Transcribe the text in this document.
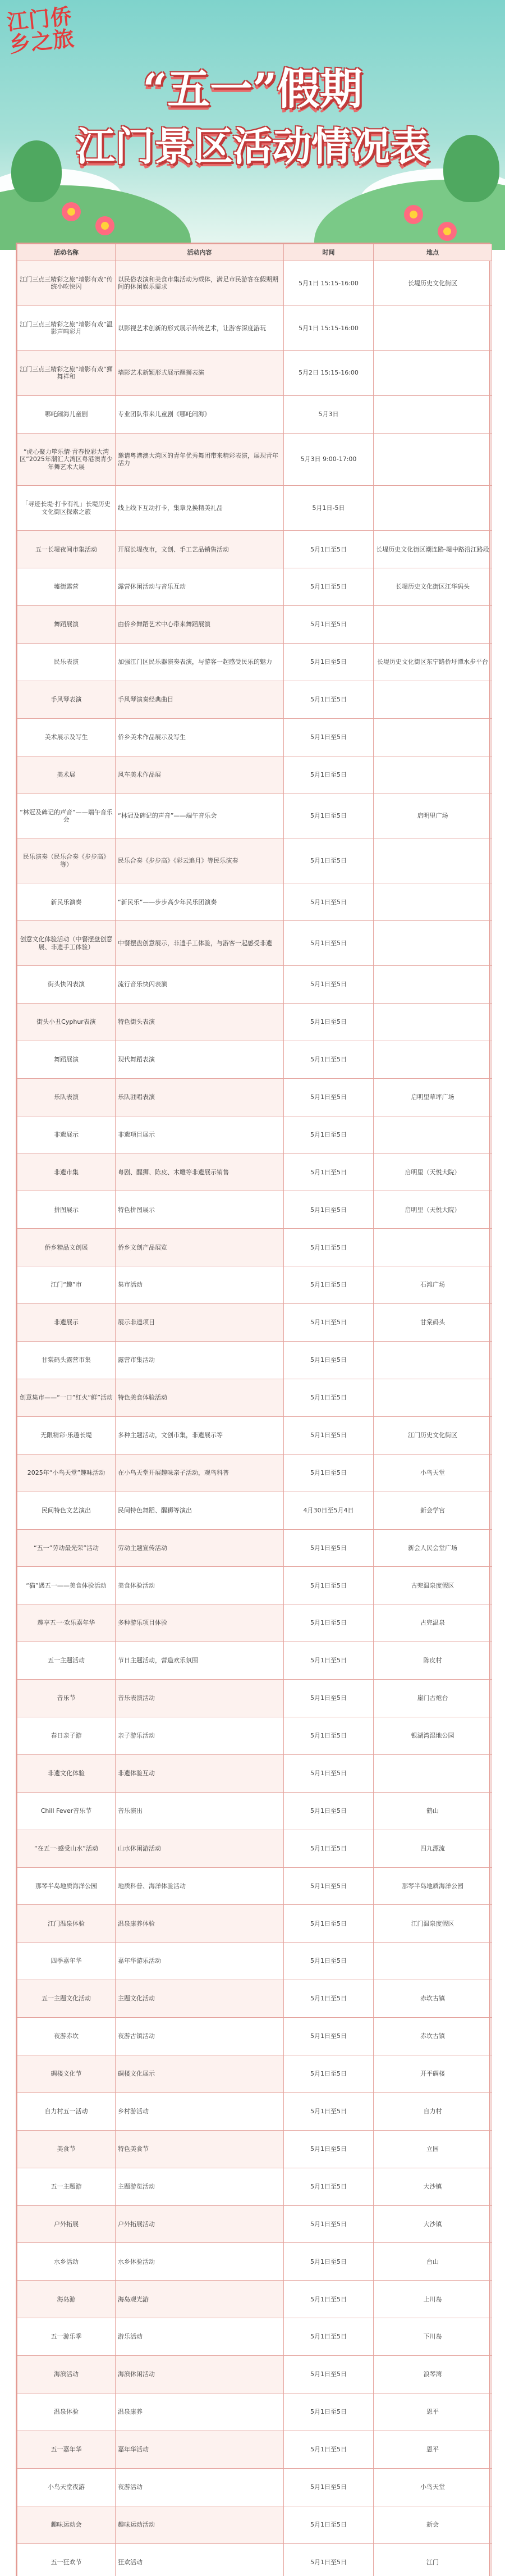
江门侨乡之旅
“五一”假期
江门景区活动情况表
活动名称	活动内容	时间	地点
江门三点三精彩之旅“墙影有戏”传统小吃快闪	以民俗表演和美食市集活动为载体，满足市民游客在假期期间的休闲娱乐需求	5月1日 15:15-16:00	长堤历史文化街区
江门三点三精彩之旅“墙影有戏”温影声鸣彩月	以影视艺术创新的形式展示传统艺术，让游客深度游玩	5月1日 15:15-16:00	
江门三点三精彩之旅“墙影有戏”狮舞祥和	墙影艺术新颖形式展示醒狮表演	5月2日 15:15-16:00	
哪吒闹海儿童剧	专业团队带来儿童剧《哪吒闹海》	5月3日	
“虎心聚力筚乐情·青春悦彩大湾区”2025年潮汇大湾区粤港澳青少年舞艺术大展	邀请粤港澳大湾区的青年优秀舞团带来精彩表演，展现青年活力	5月3日 9:00-17:00	
「寻迹长堤·打卡有礼」长堤历史文化街区探索之旅	线上线下互动打卡，集章兑换精美礼品	5月1日-5日	
五一长堤夜间市集活动	开展长堤夜市，文创、手工艺品销售活动	5月1日至5日	长堤历史文化街区潮连路·堤中路沿江路段
墟街露营	露营休闲活动与音乐互动	5月1日至5日	长堤历史文化街区江华码头
舞蹈展演	由侨乡舞蹈艺术中心带来舞蹈展演	5月1日至5日	
民乐表演	加强江门区民乐器演奏表演，与游客一起感受民乐的魅力	5月1日至5日	长堤历史文化街区东宁路侨圩潭水步平台
手风琴表演	手风琴演奏经典曲目	5月1日至5日	
美术展示及写生	侨乡美术作品展示及写生	5月1日至5日	
美术展	风车美术作品展	5月1日至5日	
“林冠及碑记的声音”——端午音乐会	“林冠及碑记的声音”——端午音乐会	5月1日至5日	启明里广场
民乐演奏（民乐合奏《步步高》等）	民乐合奏《步步高》《彩云追月》等民乐演奏	5月1日至5日	
新民乐演奏	“新民乐”——步步高少年民乐团演奏	5月1日至5日	
创意文化体验活动（中餐摆盘创意展、非遗手工体验）	中餐摆盘创意展示，非遗手工体验，与游客一起感受非遗	5月1日至5日	
街头快闪表演	流行音乐快闪表演	5月1日至5日	
街头小丑Cyphur表演	特色街头表演	5月1日至5日	
舞蹈展演	现代舞蹈表演	5月1日至5日	
乐队表演	乐队驻唱表演	5月1日至5日	启明里草坪广场
非遗展示	非遗项目展示	5月1日至5日	
非遗市集	粤剧、醒狮、陈皮、木雕等非遗展示销售	5月1日至5日	启明里（天悦大院）
拼图展示	特色拼图展示	5月1日至5日	启明里（天悦大院）
侨乡精品文创展	侨乡文创产品展览	5月1日至5日	
江门“趣”市	集市活动	5月1日至5日	石滩广场
非遗展示	展示非遗项目	5月1日至5日	甘棠码头
甘棠码头露营市集	露营市集活动	5月1日至5日	
创意集市——“一口”红火“鲜”活动	特色美食体验活动	5月1日至5日	
无限精彩·乐趣长堤	多种主题活动，文创市集，非遗展示等	5月1日至5日	江门历史文化街区
2025年“小鸟天堂”趣味活动	在小鸟天堂开展趣味亲子活动，观鸟科普	5月1日至5日	小鸟天堂
民间特色文艺演出	民间特色舞蹈、醒狮等演出	4月30日至5月4日	新会学宫
“五一”劳动最光荣”活动	劳动主题宣传活动	5月1日至5日	新会人民会堂广场
“猫”遇五一——美食体验活动	美食体验活动	5月1日至5日	古兜温泉度假区
趣享五一·欢乐嘉年华	多种游乐项目体验	5月1日至5日	古兜温泉
五一主题活动	节日主题活动，营造欢乐氛围	5月1日至5日	陈皮村
音乐节	音乐表演活动	5月1日至5日	崖门古炮台
春日亲子游	亲子游乐活动	5月1日至5日	银湖湾湿地公园
非遗文化体验	非遗体验互动	5月1日至5日	
Chill Fever音乐节	音乐演出	5月1日至5日	鹤山
“在五一·感受山水”活动	山水休闲游活动	5月1日至5日	四九漂流
那琴半岛地质海洋公园	地质科普、海洋体验活动	5月1日至5日	那琴半岛地质海洋公园
江门温泉体验	温泉康养体验	5月1日至5日	江门温泉度假区
四季嘉年华	嘉年华游乐活动	5月1日至5日	
五一主题文化活动	主题文化活动	5月1日至5日	赤坎古镇
夜游赤坎	夜游古镇活动	5月1日至5日	赤坎古镇
碉楼文化节	碉楼文化展示	5月1日至5日	开平碉楼
自力村五一活动	乡村游活动	5月1日至5日	自力村
美食节	特色美食节	5月1日至5日	立园
五一主题游	主题游览活动	5月1日至5日	大沙镇
户外拓展	户外拓展活动	5月1日至5日	大沙镇
水乡活动	水乡体验活动	5月1日至5日	台山
海岛游	海岛观光游	5月1日至5日	上川岛
五一游乐季	游乐活动	5月1日至5日	下川岛
海滨活动	海滨休闲活动	5月1日至5日	浪琴湾
温泉体验	温泉康养	5月1日至5日	恩平
五一嘉年华	嘉年华活动	5月1日至5日	恩平
小鸟天堂夜游	夜游活动	5月1日至5日	小鸟天堂
趣味运动会	趣味运动活动	5月1日至5日	新会
五一狂欢节	狂欢活动	5月1日至5日	江门
